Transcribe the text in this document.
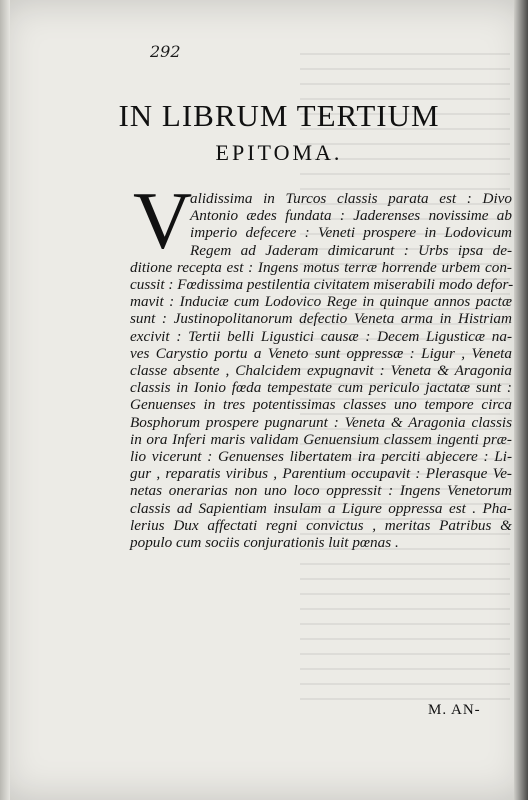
292
IN LIBRUM TERTIUM
EPITOMA.
V
alidissima in Turcos classis parata est : Divo
Antonio ædes fundata : Jaderenses novissime ab
imperio defecere : Veneti prospere in Lodovicum
Regem ad Jaderam dimicarunt : Urbs ipsa de-
ditione recepta est : Ingens motus terræ horrende urbem con-
cussit : Fœdissima pestilentia civitatem miserabili modo defor-
mavit : Induciæ cum Lodovico Rege in quinque annos pactæ
sunt : Justinopolitanorum defectio Veneta arma in Histriam
excivit : Tertii belli Ligustici causæ : Decem Ligusticæ na-
ves Carystio portu a Veneto sunt oppressæ : Ligur , Veneta
classe absente , Chalcidem expugnavit : Veneta & Aragonia
classis in Ionio fœda tempestate cum periculo jactatæ sunt :
Genuenses in tres potentissimas classes uno tempore circa
Bosphorum prospere pugnarunt : Veneta & Aragonia classis
in ora Inferi maris validam Genuensium classem ingenti præ-
lio vicerunt : Genuenses libertatem ira perciti abjecere : Li-
gur , reparatis viribus , Parentium occupavit : Plerasque Ve-
netas onerarias non uno loco oppressit : Ingens Venetorum
classis ad Sapientiam insulam a Ligure oppressa est . Pha-
lerius Dux affectati regni convictus , meritas Patribus &
populo cum sociis conjurationis luit pœnas .
M. AN-
